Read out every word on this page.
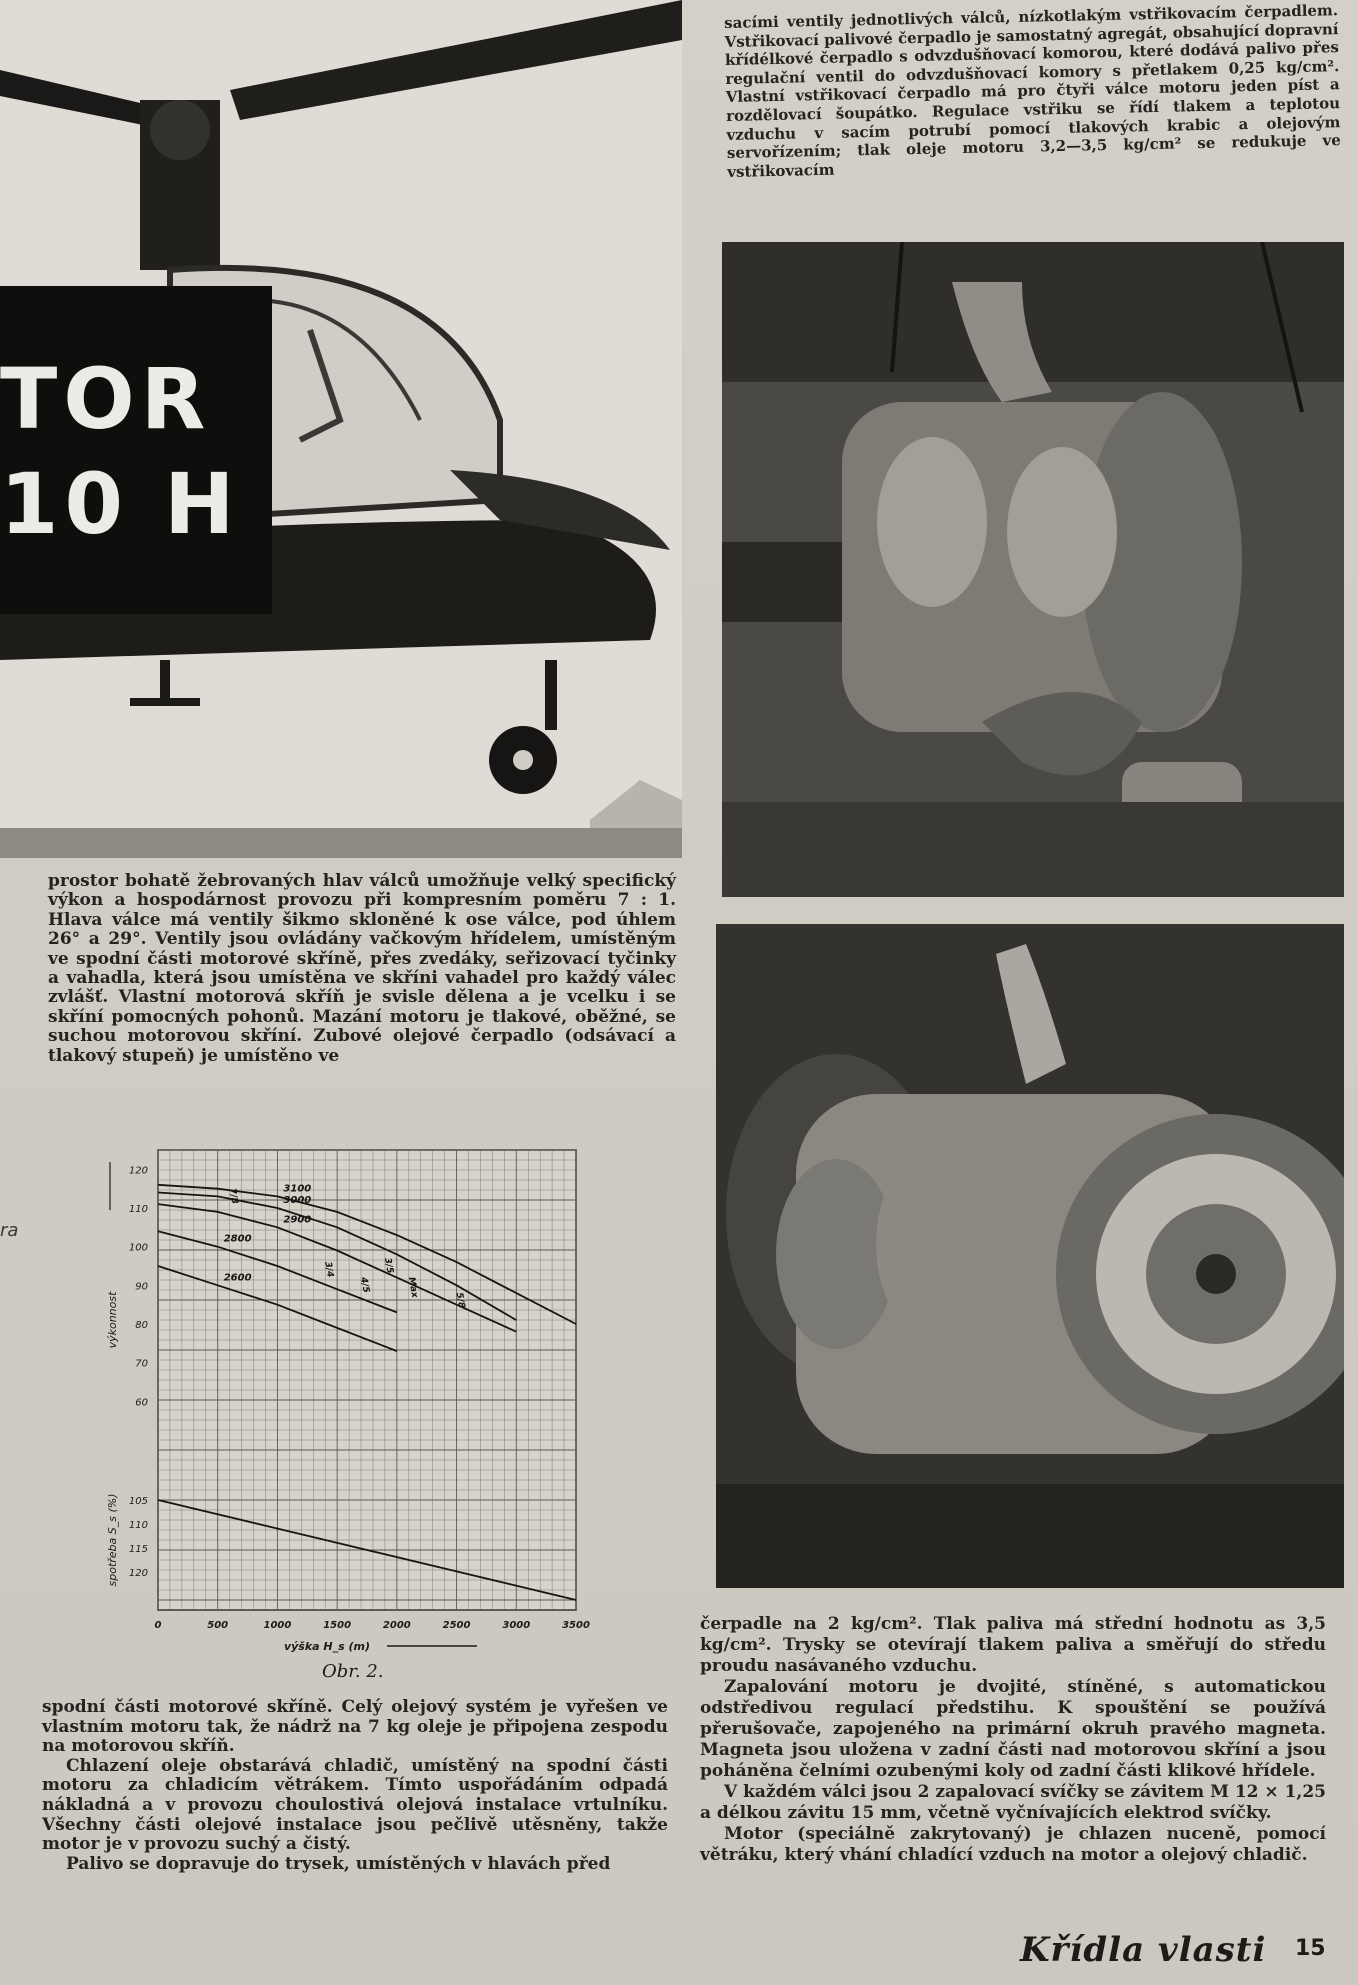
TOR
10 H

sacími ventily jednotlivých válců, nízkotlakým vstřikovacím čerpadlem. Vstřikovací palivové čerpadlo je samostatný agregát, obsahující dopravní křídélkové čerpadlo s odvzdušňovací komorou, které dodává palivo přes regulační ventil do odvzdušňovací komory s přetlakem 0,25 kg/cm². Vlastní vstřikovací čerpadlo má pro čtyři válce motoru jeden píst a rozdělovací šoupátko. Regulace vstřiku se řídí tlakem a teplotou vzduchu v sacím potrubí pomocí tlakových krabic a olejovým servořízením; tlak oleje motoru 3,2—3,5 kg/cm² se redukuje ve vstřikovacím

prostor bohatě žebrovaných hlav válců umožňuje velký specifický výkon a hospodárnost provozu při kompresním poměru 7 : 1. Hlava válce má ventily šikmo skloněné k ose válce, pod úhlem 26° a 29°. Ventily jsou ovládány vačkovým hřídelem, umístěným ve spodní části motorové skříně, přes zvedáky, seřizovací tyčinky a vahadla, která jsou umístěna ve skříni vahadel pro každý válec zvlášť. Vlastní motorová skříň je svisle dělena a je vcelku i se skříní pomocných pohonů. Mazání motoru je tlakové, oběžné, se suchou motorovou skříní. Zubové olejové čerpadlo (odsávací a tlakový stupeň) je umístěno ve

ra
0	500	1000	1500	2000	2500	3000	3500
120
110
100
90
80
70
60
105
110
115
120
výška H_s (m)
výkonnost
spotřeba S_s (%)
3100
3000
2900
2800
2600	3/4
4/5
5/8
3/5
7/8
Max
Obr. 2.

spodní části motorové skříně. Celý olejový systém je vyřešen ve vlastním motoru tak, že nádrž na 7 kg oleje je připojena zespodu na motorovou skříň.

Chlazení oleje obstarává chladič, umístěný na spodní části motoru za chladicím větrákem. Tímto uspořádáním odpadá nákladná a v provozu choulostivá olejová instalace vrtulníku. Všechny části olejové instalace jsou pečlivě utěsněny, takže motor je v provozu suchý a čistý.

Palivo se dopravuje do trysek, umístěných v hlavách před

čerpadle na 2 kg/cm². Tlak paliva má střední hodnotu as 3,5 kg/cm². Trysky se otevírají tlakem paliva a směřují do středu proudu nasávaného vzduchu.

Zapalování motoru je dvojité, stíněné, s automatickou odstředivou regulací předstihu. K spouštění se používá přerušovače, zapojeného na primární okruh pravého magneta. Magneta jsou uložena v zadní části nad motorovou skříní a jsou poháněna čelními ozubenými koly od zadní části klikové hřídele.

V každém válci jsou 2 zapalovací svíčky se závitem M 12 × 1,25 a délkou závitu 15 mm, včetně vyčnívajících elektrod svíčky.

Motor (speciálně zakrytovaný) je chlazen nuceně, pomocí větráku, který vhání chladící vzduch na motor a olejový chladič.

Křídla vlasti 15
